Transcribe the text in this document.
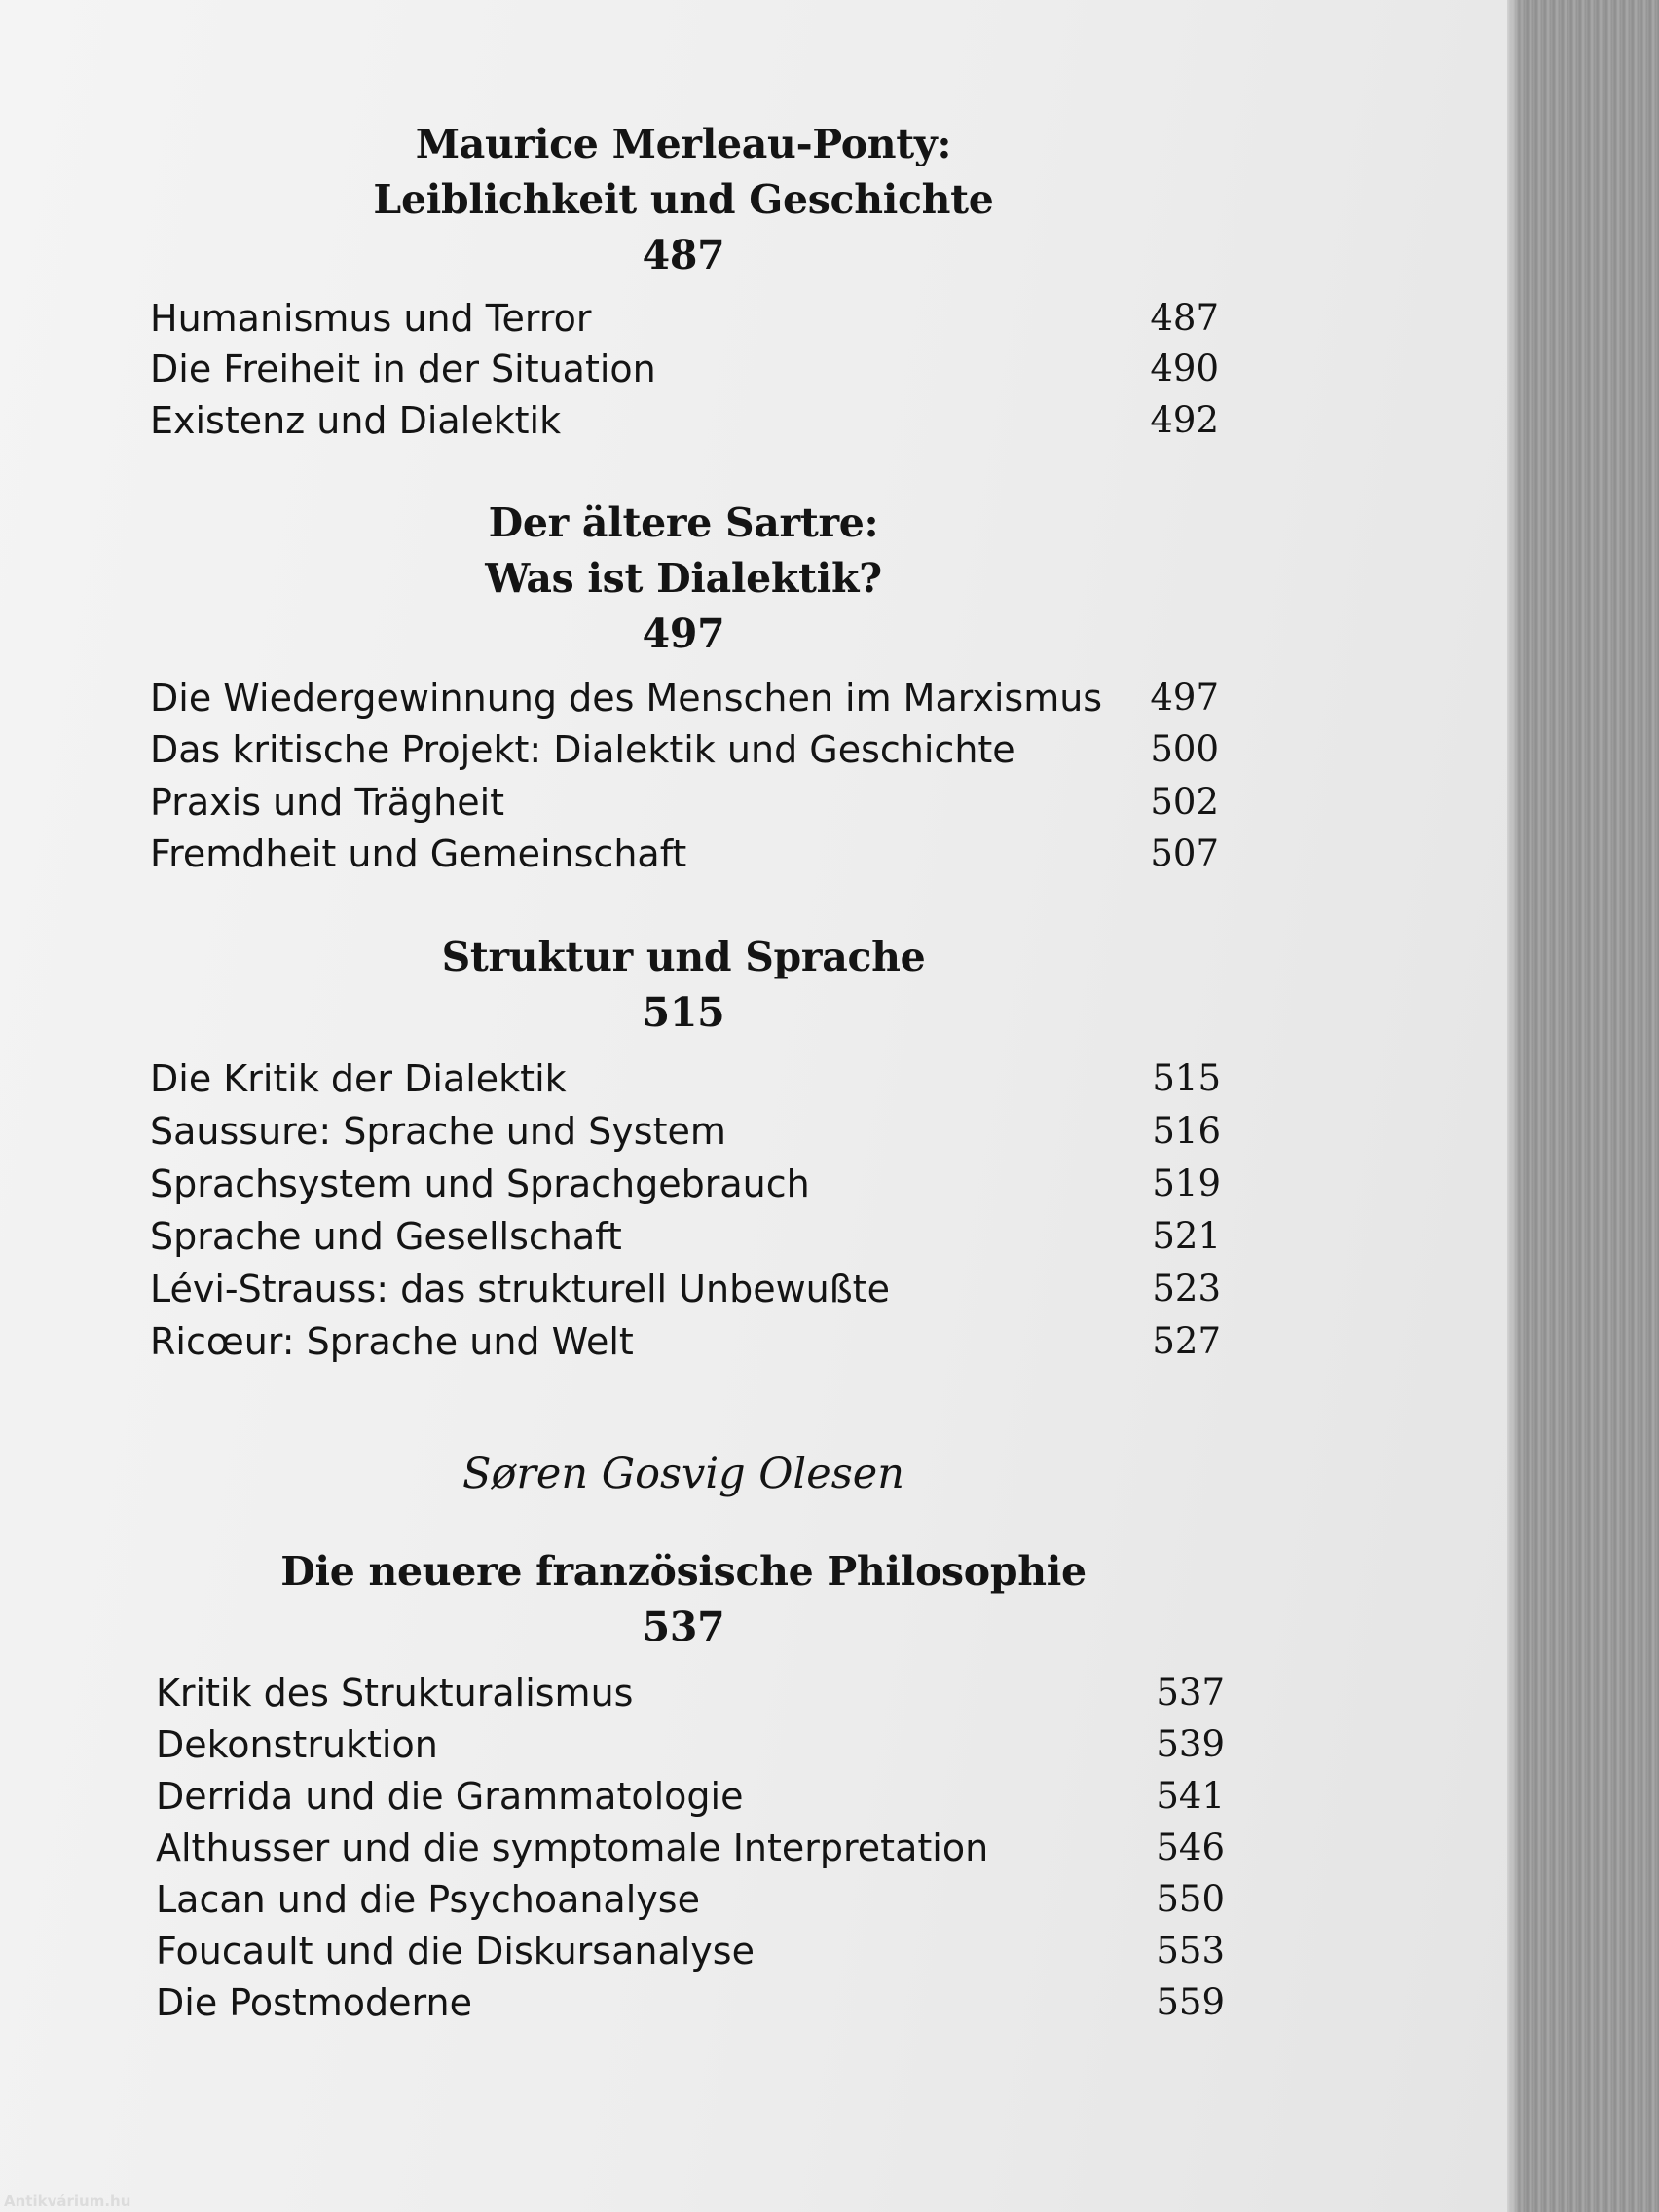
Maurice Merleau-Ponty:
Leiblichkeit und Geschichte
487
Humanismus und Terror	487
Die Freiheit in der Situation	490
Existenz und Dialektik	492
Der ältere Sartre:
Was ist Dialektik?
497
Die Wiedergewinnung des Menschen im Marxismus 497
Das kritische Projekt: Dialektik und Geschichte	500
Praxis und Trägheit	502
Fremdheit und Gemeinschaft	507
Struktur und Sprache
515
Die Kritik der Dialektik	515
Saussure: Sprache und System	516
Sprachsystem und Sprachgebrauch	519
Sprache und Gesellschaft	521
Lévi-Strauss: das strukturell Unbewußte	523
Ricœur: Sprache und Welt	527
Søren Gosvig Olesen
Die neuere französische Philosophie
537
Kritik des Strukturalismus	537
Dekonstruktion	539
Derrida und die Grammatologie	541
Althusser und die symptomale Interpretation	546
Lacan und die Psychoanalyse	550
Foucault und die Diskursanalyse	553
Die Postmoderne	559
Antikvárium.hu
